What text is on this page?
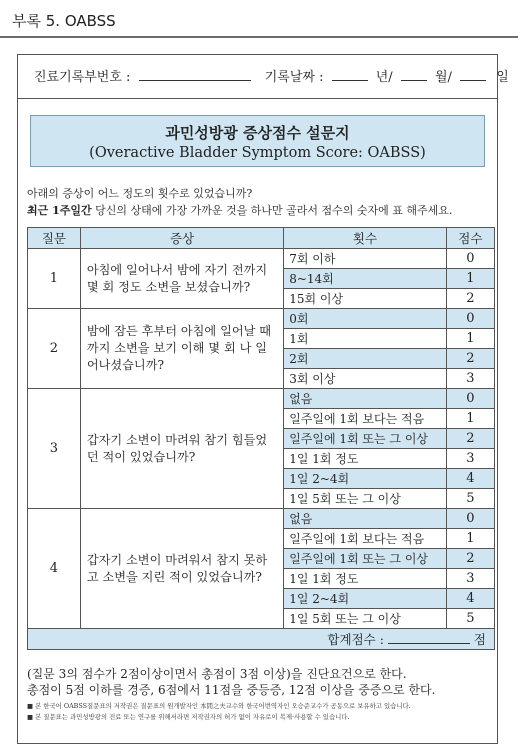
부록 5. OABSS
진료기록부번호 :	기록날짜 :	년/	월/	일
과민성방광 증상점수 설문지
(Overactive Bladder Symptom Score: OABSS)
아래의 증상이 어느 정도의 횟수로 있었습니까?
최근 1주일간 당신의 상태에 가장 가까운 것을 하나만 골라서 점수의 숫자에 표 해주세요.
질문	증상	횟수	점수
1	아침에 일어나서 밤에 자기 전까지 몇 회 정도 소변을 보셨습니까?	7회 이하	0
		8~14회	1
		15회 이상	2
2	밤에 잠든 후부터 아침에 일어날 때까지 소변을 보기 이해 몇 회 나 일어나셨습니까?	0회	0
		1회	1
		2회	2
		3회 이상	3
3	갑자기 소변이 마려워 참기 힘들었던 적이 있었습니까?	없음	0
		일주일에 1회 보다는 적음	1
		일주일에 1회 또는 그 이상	2
		1일 1회 정도	3
		1일 2~4회	4
		1일 5회 또는 그 이상	5
4	갑자기 소변이 마려워서 참지 못하고 소변을 지린 적이 있었습니까?	없음	0
		일주일에 1회 보다는 적음	1
		일주일에 1회 또는 그 이상	2
		1일 1회 정도	3
		1일 2~4회	4
		1일 5회 또는 그 이상	5
합계점수 : 점			
(질문 3의 점수가 2점이상이면서 총점이 3점 이상)을 진단요건으로 한다.
총점이 5점 이하를 경증, 6점에서 11점을 중등증, 12점 이상을 중증으로 한다.
■ 본 한국어 OABSS질문표의 저작권은 질문표의 원개발자인 本間之夫교수와 한국어번역자인 오승준교수가 공동으로 보유하고 있습니다.
■ 본 질문표는 과민성방광의 진료 또는 연구를 위해서라면 저작권자의 허가 없이 자유로이 복제·사용할 수 있습니다.
